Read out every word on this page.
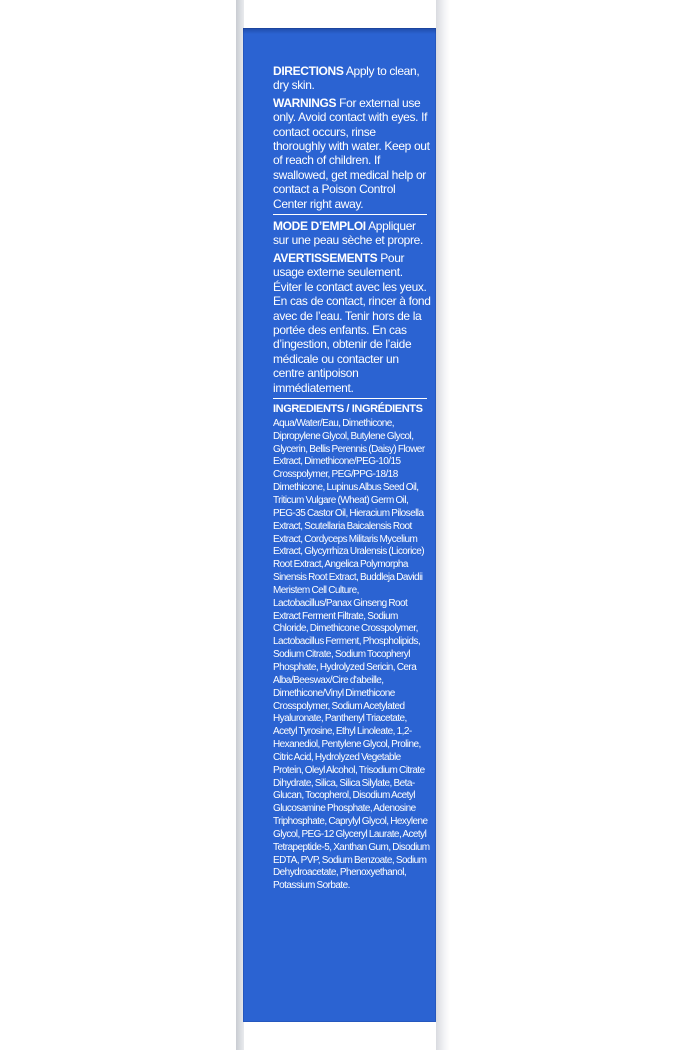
DIRECTIONS Apply to clean, dry skin.

WARNINGS For external use only. Avoid contact with eyes. If contact occurs, rinse thoroughly with water. Keep out of reach of children. If swallowed, get medical help or contact a Poison Control Center right away.

MODE D’EMPLOI Appliquer sur une peau sèche et propre.

AVERTISSEMENTS Pour usage externe seulement. Éviter le contact avec les yeux. En cas de contact, rincer à fond avec de l’eau. Tenir hors de la portée des enfants. En cas d’ingestion, obtenir de l’aide médicale ou contacter un centre antipoison immédiatement.

INGREDIENTS / INGRÉDIENTS
Aqua/Water/Eau, Dimethicone, Dipropylene Glycol, Butylene Glycol, Glycerin, Bellis Perennis (Daisy) Flower Extract, Dimethicone/PEG-10/15 Crosspolymer, PEG/PPG-18/18 Dimethicone, Lupinus Albus Seed Oil, Triticum Vulgare (Wheat) Germ Oil, PEG-35 Castor Oil, Hieracium Pilosella Extract, Scutellaria Baicalensis Root Extract, Cordyceps Militaris Mycelium Extract, Glycyrrhiza Uralensis (Licorice) Root Extract, Angelica Polymorpha Sinensis Root Extract, Buddleja Davidii Meristem Cell Culture, Lactobacillus/Panax Ginseng Root Extract Ferment Filtrate, Sodium Chloride, Dimethicone Crosspolymer, Lactobacillus Ferment, Phospholipids, Sodium Citrate, Sodium Tocopheryl Phosphate, Hydrolyzed Sericin, Cera Alba/Beeswax/Cire d'abeille, Dimethicone/Vinyl Dimethicone Crosspolymer, Sodium Acetylated Hyaluronate, Panthenyl Triacetate, Acetyl Tyrosine, Ethyl Linoleate, 1,2-Hexanediol, Pentylene Glycol, Proline, Citric Acid, Hydrolyzed Vegetable Protein, Oleyl Alcohol, Trisodium Citrate Dihydrate, Silica, Silica Silylate, Beta-Glucan, Tocopherol, Disodium Acetyl Glucosamine Phosphate, Adenosine Triphosphate, Caprylyl Glycol, Hexylene Glycol, PEG-12 Glyceryl Laurate, Acetyl Tetrapeptide-5, Xanthan Gum, Disodium EDTA, PVP, Sodium Benzoate, Sodium Dehydroacetate, Phenoxyethanol, Potassium Sorbate.
